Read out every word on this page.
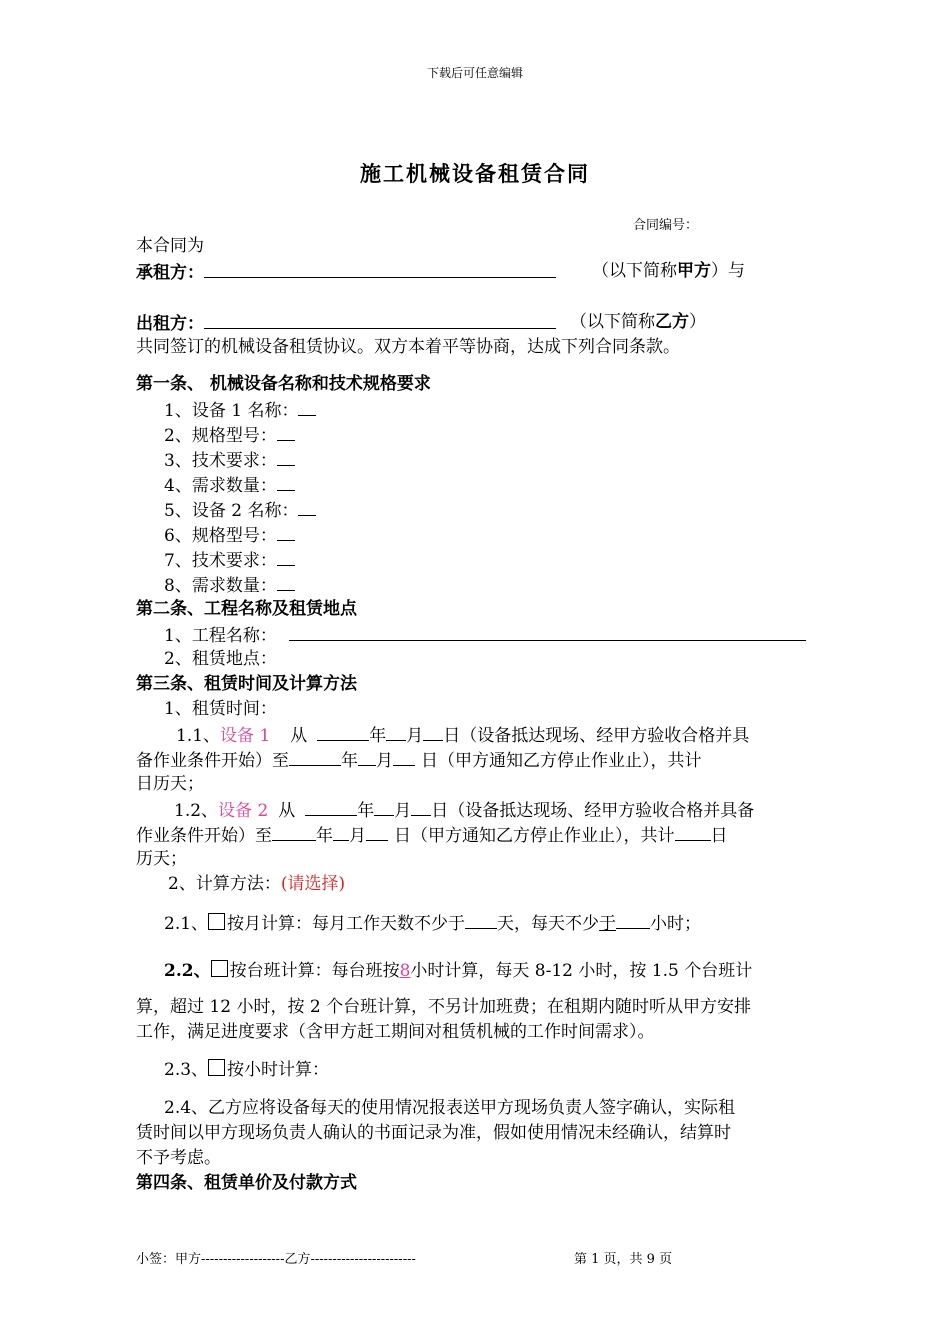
下载后可任意编辑
施工机械设备租赁合同
合同编号：
本合同为
承租方：	（以下简称甲方）与
出租方：	（以下简称乙方）
共同签订的机械设备租赁协议。双方本着平等协商，达成下列合同条款。
第一条、 机械设备名称和技术规格要求
1、设备 1 名称：
2、规格型号：
3、技术要求：
4、需求数量：
5、设备 2 名称：
6、规格型号：
7、技术要求：
8、需求数量：
第二条、工程名称及租赁地点
1、工程名称：
2、租赁地点：
第三条、租赁时间及计算方法
1、租赁时间：
1.1、设备 1 从	年 月 日（设备抵达现场、经甲方验收合格并具
备作业条件开始）至	年 月 日（甲方通知乙方停止作业止），共计
日历天；
1.2、设备 2 从	年 月 日（设备抵达现场、经甲方验收合格并具备
作业条件开始）至	年 月 日（甲方通知乙方停止作业止），共计 日
历天；
2、计算方法：(请选择)
2.1、 按月计算：每月工作天数不少于 天，每天不少于 小时；
2.2、 按台班计算：每台班按8小时计算，每天 8-12 小时，按 1.5 个台班计
算，超过 12 小时，按 2 个台班计算，不另计加班费；在租期内随时听从甲方安排
工作，满足进度要求（含甲方赶工期间对租赁机械的工作时间需求）。
2.3、 按小时计算：
2.4、乙方应将设备每天的使用情况报表送甲方现场负责人签字确认，实际租
赁时间以甲方现场负责人确认的书面记录为准，假如使用情况未经确认，结算时
不予考虑。
第四条、租赁单价及付款方式
小签：甲方-------------------乙方------------------------	第 1 页，共 9 页
